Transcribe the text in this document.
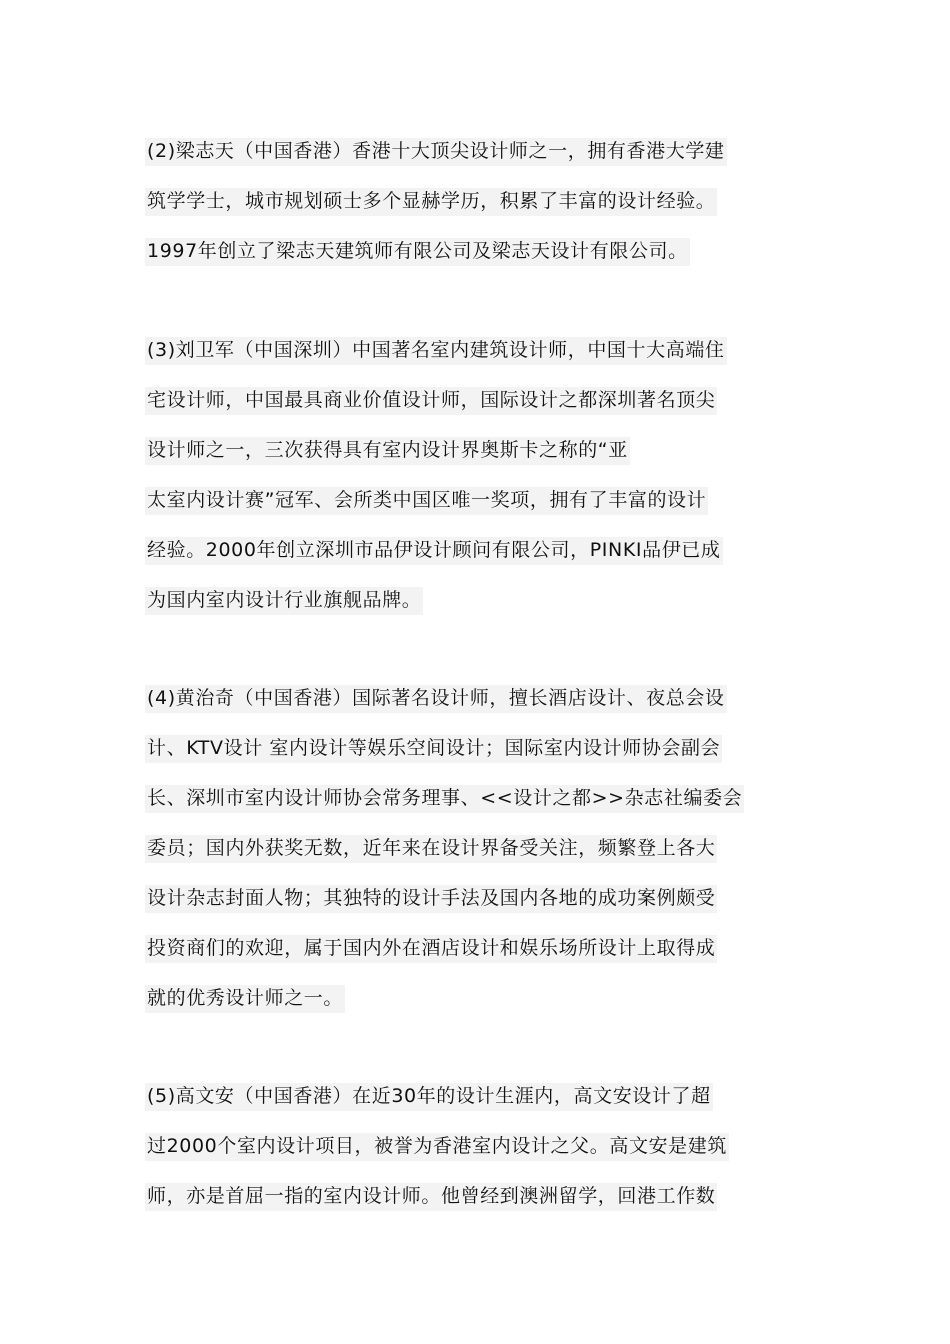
(2)梁志天（中国香港）香港十大顶尖设计师之一，拥有香港大学建
筑学学士，城市规划硕士多个显赫学历，积累了丰富的设计经验。
1997年创立了梁志天建筑师有限公司及梁志天设计有限公司。
(3)刘卫军（中国深圳）中国著名室内建筑设计师，中国十大高端住
宅设计师，中国最具商业价值设计师，国际设计之都深圳著名顶尖
设计师之一，三次获得具有室内设计界奥斯卡之称的“亚
太室内设计赛”冠军、会所类中国区唯一奖项，拥有了丰富的设计
经验。2000年创立深圳市品伊设计顾问有限公司，PINKI品伊已成
为国内室内设计行业旗舰品牌。
(4)黄治奇（中国香港）国际著名设计师，擅长酒店设计、夜总会设
计、KTV设计 室内设计等娱乐空间设计；国际室内设计师协会副会
长、深圳市室内设计师协会常务理事、<<设计之都>>杂志社编委会
委员；国内外获奖无数，近年来在设计界备受关注，频繁登上各大
设计杂志封面人物；其独特的设计手法及国内各地的成功案例颇受
投资商们的欢迎，属于国内外在酒店设计和娱乐场所设计上取得成
就的优秀设计师之一。
(5)高文安（中国香港）在近30年的设计生涯内，高文安设计了超
过2000个室内设计项目，被誉为香港室内设计之父。高文安是建筑
师，亦是首屈一指的室内设计师。他曾经到澳洲留学，回港工作数
